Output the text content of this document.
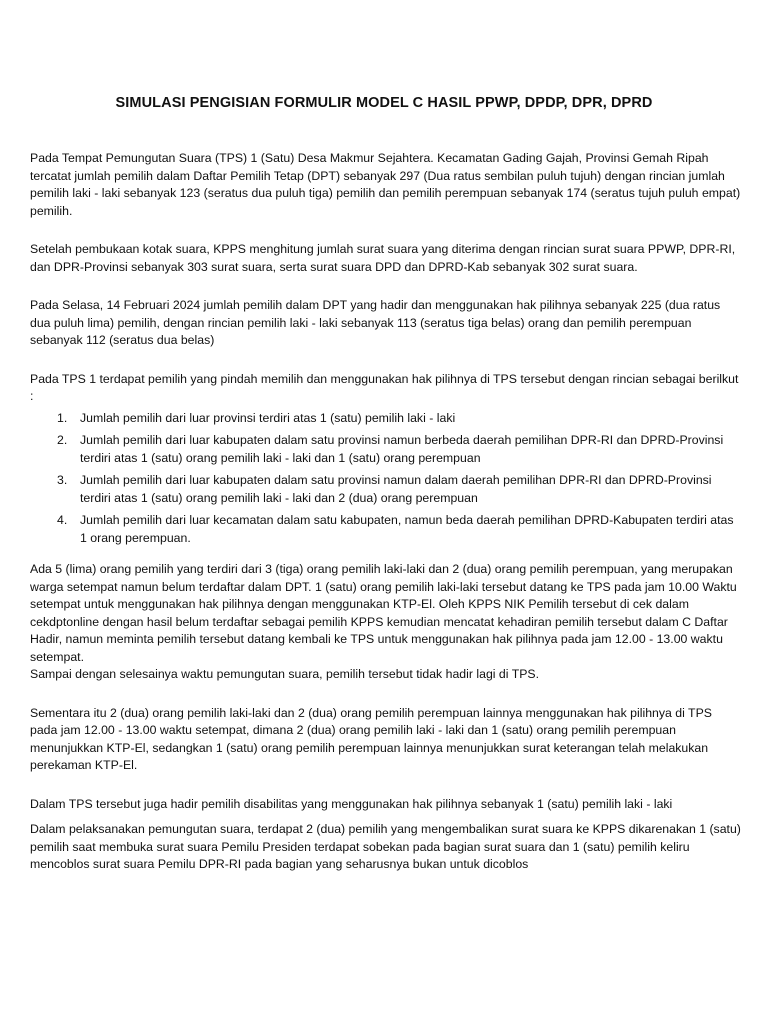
SIMULASI PENGISIAN FORMULIR MODEL C HASIL PPWP, DPDP, DPR, DPRD

Pada Tempat Pemungutan Suara (TPS) 1 (Satu) Desa Makmur Sejahtera. Kecamatan Gading Gajah, Provinsi Gemah Ripah tercatat jumlah pemilih dalam Daftar Pemilih Tetap (DPT) sebanyak 297 (Dua ratus sembilan puluh tujuh) dengan rincian jumlah pemilih laki - laki sebanyak 123 (seratus dua puluh tiga) pemilih dan pemilih perempuan sebanyak 174 (seratus tujuh puluh empat) pemilih.

Setelah pembukaan kotak suara, KPPS menghitung jumlah surat suara yang diterima dengan rincian surat suara PPWP, DPR-RI, dan DPR-Provinsi sebanyak 303 surat suara, serta surat suara DPD dan DPRD-Kab sebanyak 302 surat suara.

Pada Selasa, 14 Februari 2024 jumlah pemilih dalam DPT yang hadir dan menggunakan hak pilihnya sebanyak 225 (dua ratus dua puluh lima) pemilih, dengan rincian pemilih laki - laki sebanyak 113 (seratus tiga belas) orang dan pemilih perempuan sebanyak 112 (seratus dua belas)

Pada TPS 1 terdapat pemilih yang pindah memilih dan menggunakan hak pilihnya di TPS tersebut dengan rincian sebagai berilkut :

1. Jumlah pemilih dari luar provinsi terdiri atas 1 (satu) pemilih laki - laki
2. Jumlah pemilih dari luar kabupaten dalam satu provinsi namun berbeda daerah pemilihan DPR-RI dan DPRD-Provinsi terdiri atas 1 (satu) orang pemilih laki - laki dan 1 (satu) orang perempuan
3. Jumlah pemilih dari luar kabupaten dalam satu provinsi namun dalam daerah pemilihan DPR-RI dan DPRD-Provinsi terdiri atas 1 (satu) orang pemilih laki - laki dan 2 (dua) orang perempuan
4. Jumlah pemilih dari luar kecamatan dalam satu kabupaten, namun beda daerah pemilihan DPRD-Kabupaten terdiri atas 1 orang perempuan.

Ada 5 (lima) orang pemilih yang terdiri dari 3 (tiga) orang pemilih laki-laki dan 2 (dua) orang pemilih perempuan, yang merupakan warga setempat namun belum terdaftar dalam DPT. 1 (satu) orang pemilih laki-laki tersebut datang ke TPS pada jam 10.00 Waktu setempat untuk menggunakan hak pilihnya dengan menggunakan KTP-El. Oleh KPPS NIK Pemilih tersebut di cek dalam cekdptonline dengan hasil belum terdaftar sebagai pemilih KPPS kemudian mencatat kehadiran pemilih tersebut dalam C Daftar Hadir, namun meminta pemilih tersebut datang kembali ke TPS untuk menggunakan hak pilihnya pada jam 12.00 - 13.00 waktu setempat.
Sampai dengan selesainya waktu pemungutan suara, pemilih tersebut tidak hadir lagi di TPS.

Sementara itu 2 (dua) orang pemilih laki-laki dan 2 (dua) orang pemilih perempuan lainnya menggunakan hak pilihnya di TPS pada jam 12.00 - 13.00 waktu setempat, dimana 2 (dua) orang pemilih laki - laki dan 1 (satu) orang pemilih perempuan menunjukkan KTP-El, sedangkan 1 (satu) orang pemilih perempuan lainnya menunjukkan surat keterangan telah melakukan perekaman KTP-El.

Dalam TPS tersebut juga hadir pemilih disabilitas yang menggunakan hak pilihnya sebanyak 1 (satu) pemilih laki - laki

Dalam pelaksanakan pemungutan suara, terdapat 2 (dua) pemilih yang mengembalikan surat suara ke KPPS dikarenakan 1 (satu) pemilih saat membuka surat suara Pemilu Presiden terdapat sobekan pada bagian surat suara dan 1 (satu) pemilih keliru mencoblos surat suara Pemilu DPR-RI pada bagian yang seharusnya bukan untuk dicoblos
